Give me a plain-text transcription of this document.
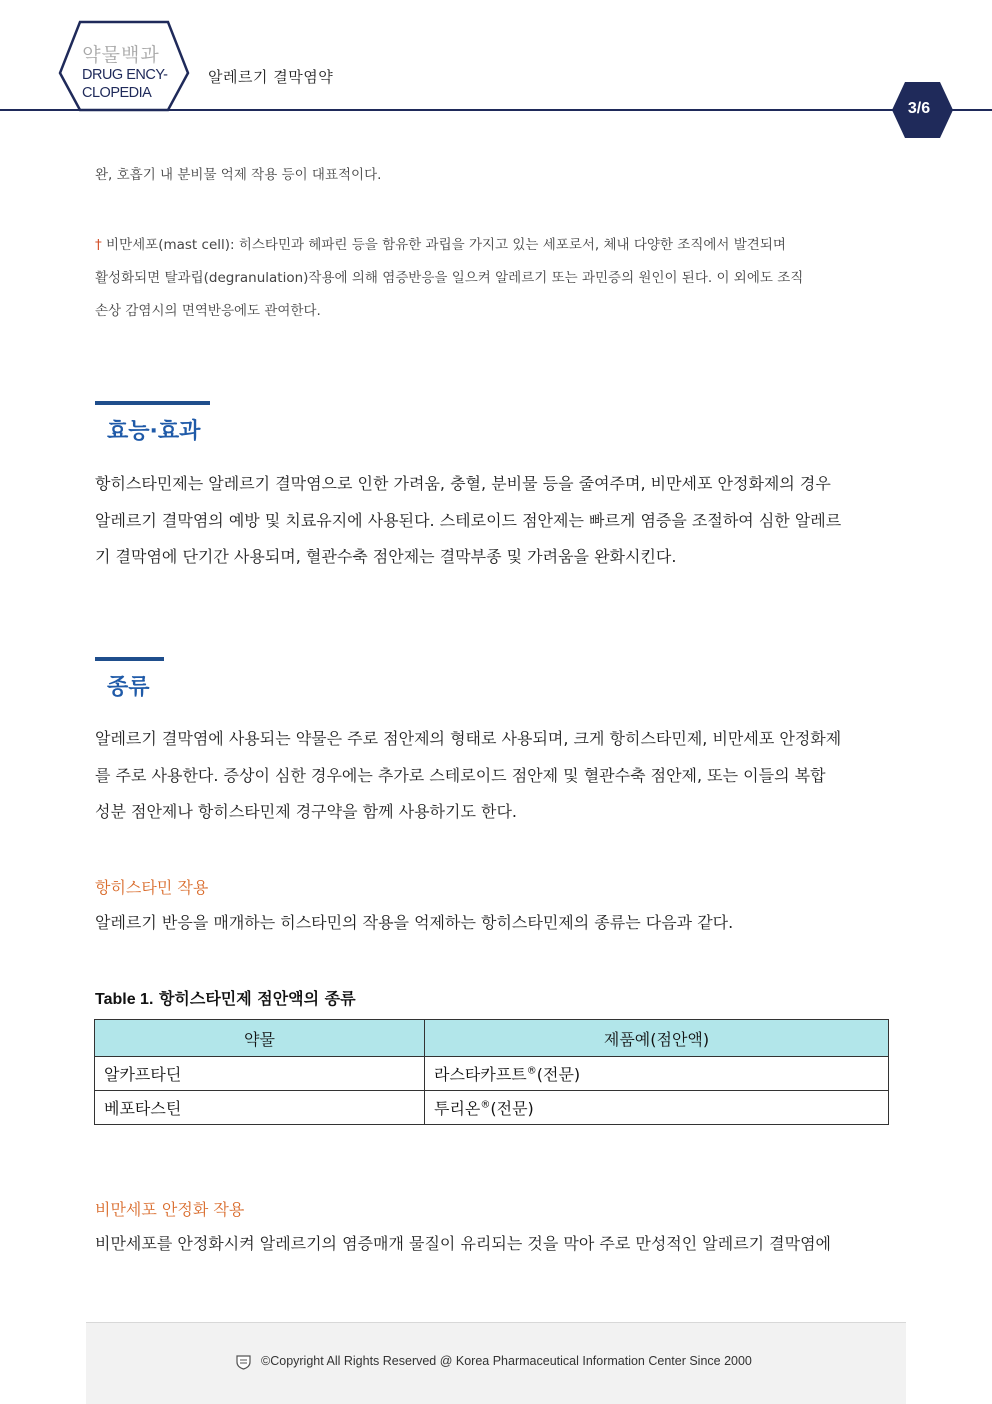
약물백과
DRUG ENCY-
CLOPEDIA
알레르기 결막염약
3/6
완, 호흡기 내 분비물 억제 작용 등이 대표적이다.
† 비만세포(mast cell): 히스타민과 헤파린 등을 함유한 과립을 가지고 있는 세포로서, 체내 다양한 조직에서 발견되며
활성화되면 탈과립(degranulation)작용에 의해 염증반응을 일으켜 알레르기 또는 과민증의 원인이 된다. 이 외에도 조직
손상 감염시의 면역반응에도 관여한다.
효능·효과
항히스타민제는 알레르기 결막염으로 인한 가려움, 충혈, 분비물 등을 줄여주며, 비만세포 안정화제의 경우
알레르기 결막염의 예방 및 치료유지에 사용된다. 스테로이드 점안제는 빠르게 염증을 조절하여 심한 알레르
기 결막염에 단기간 사용되며, 혈관수축 점안제는 결막부종 및 가려움을 완화시킨다.
종류
알레르기 결막염에 사용되는 약물은 주로 점안제의 형태로 사용되며, 크게 항히스타민제, 비만세포 안정화제
를 주로 사용한다. 증상이 심한 경우에는 추가로 스테로이드 점안제 및 혈관수축 점안제, 또는 이들의 복합
성분 점안제나 항히스타민제 경구약을 함께 사용하기도 한다.
항히스타민 작용
알레르기 반응을 매개하는 히스타민의 작용을 억제하는 항히스타민제의 종류는 다음과 같다.
Table 1. 항히스타민제 점안액의 종류
약물	제품예(점안액)
알카프타딘	라스타카프트®(전문)
베포타스틴	투리온®(전문)
비만세포 안정화 작용
비만세포를 안정화시켜 알레르기의 염증매개 물질이 유리되는 것을 막아 주로 만성적인 알레르기 결막염에
©Copyright All Rights Reserved @ Korea Pharmaceutical Information Center Since 2000
